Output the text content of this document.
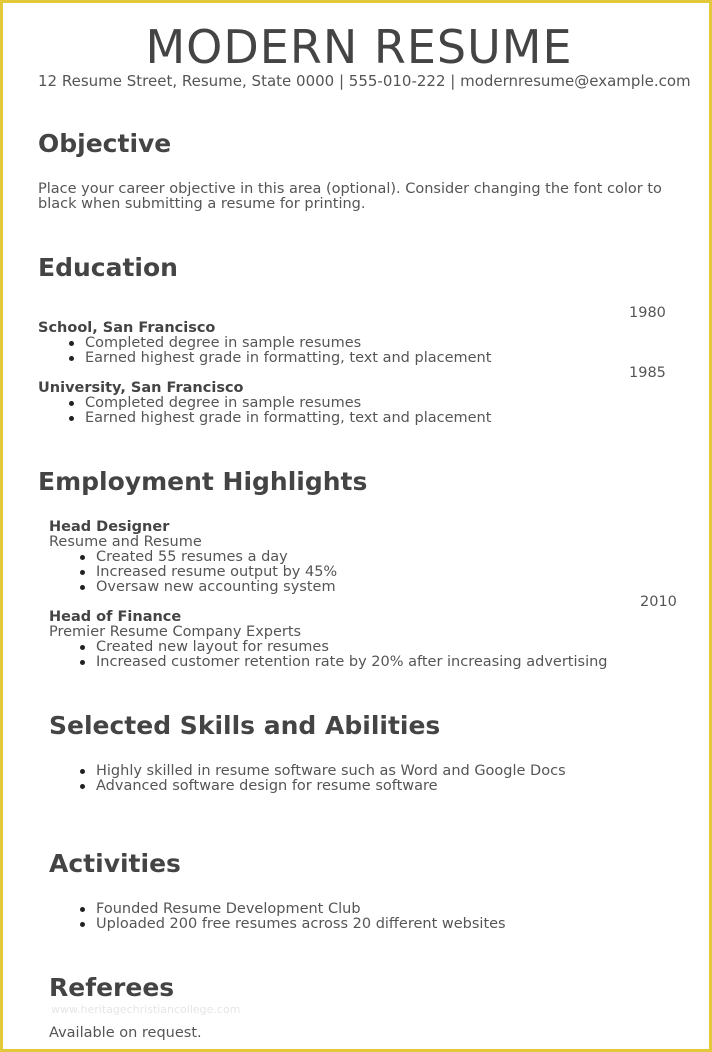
MODERN RESUME
12 Resume Street, Resume, State 0000 | 555-010-222 | modernresume@example.com
Objective

Place your career objective in this area (optional). Consider changing the font color to black when submitting a resume for printing.

Education
1980
School, San Francisco
Completed degree in sample resumes
Earned highest grade in formatting, text and placement
1985
University, San Francisco
Completed degree in sample resumes
Earned highest grade in formatting, text and placement
Employment Highlights
Head Designer
Resume and Resume
Created 55 resumes a day
Increased resume output by 45%
Oversaw new accounting system
2010
Head of Finance
Premier Resume Company Experts
Created new layout for resumes
Increased customer retention rate by 20% after increasing advertising
Selected Skills and Abilities
Highly skilled in resume software such as Word and Google Docs
Advanced software design for resume software
Activities
Founded Resume Development Club
Uploaded 200 free resumes across 20 different websites
Referees
www.heritagechristiancollege.com
Available on request.
